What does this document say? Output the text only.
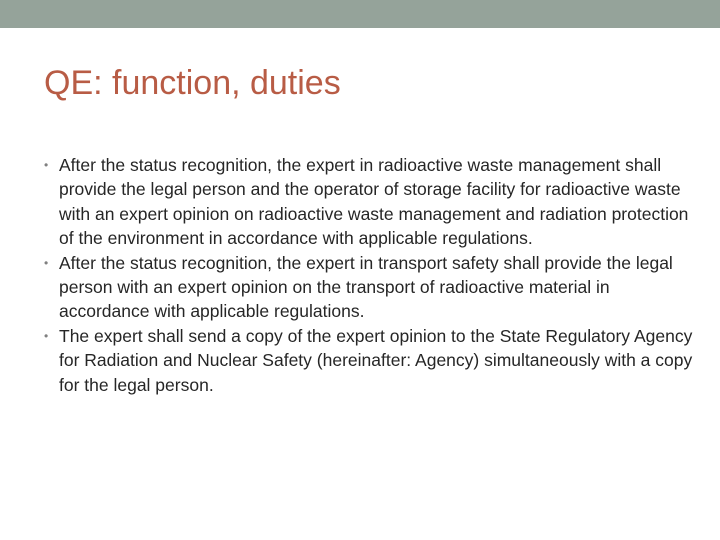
QE: function, duties
• After the status recognition, the expert in radioactive waste management shall provide the legal person and the operator of storage facility for radioactive waste with an expert opinion on radioactive waste management and radiation protection of the environment in accordance with applicable regulations.
• After the status recognition, the expert in transport safety shall provide the legal person with an expert opinion on the transport of radioactive material in accordance with applicable regulations.
• The expert shall send a copy of the expert opinion to the State Regulatory Agency for Radiation and Nuclear Safety (hereinafter: Agency) simultaneously with a copy for the legal person.
